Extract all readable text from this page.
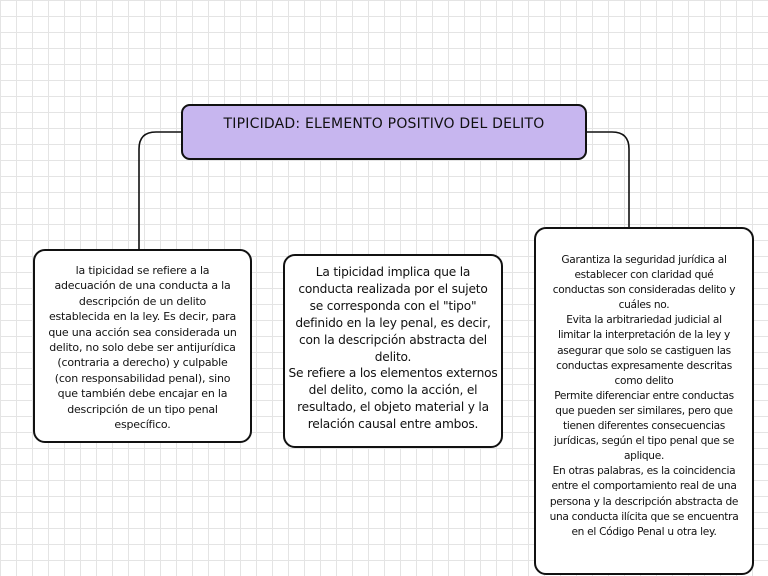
TIPICIDAD: ELEMENTO POSITIVO DEL DELITO
la tipicidad se refiere a la
adecuación de una conducta a la
descripción de un delito
establecida en la ley. Es decir, para
que una acción sea considerada un
delito, no solo debe ser antijurídica
(contraria a derecho) y culpable
(con responsabilidad penal), sino
que también debe encajar en la
descripción de un tipo penal
específico.
La tipicidad implica que la
conducta realizada por el sujeto
se corresponda con el "tipo"
definido en la ley penal, es decir,
con la descripción abstracta del
delito.
Se refiere a los elementos externos
del delito, como la acción, el
resultado, el objeto material y la
relación causal entre ambos.
Garantiza la seguridad jurídica al
establecer con claridad qué
conductas son consideradas delito y
cuáles no.
Evita la arbitrariedad judicial al
limitar la interpretación de la ley y
asegurar que solo se castiguen las
conductas expresamente descritas
como delito
Permite diferenciar entre conductas
que pueden ser similares, pero que
tienen diferentes consecuencias
jurídicas, según el tipo penal que se
aplique.
En otras palabras, es la coincidencia
entre el comportamiento real de una
persona y la descripción abstracta de
una conducta ilícita que se encuentra
en el Código Penal u otra ley.
